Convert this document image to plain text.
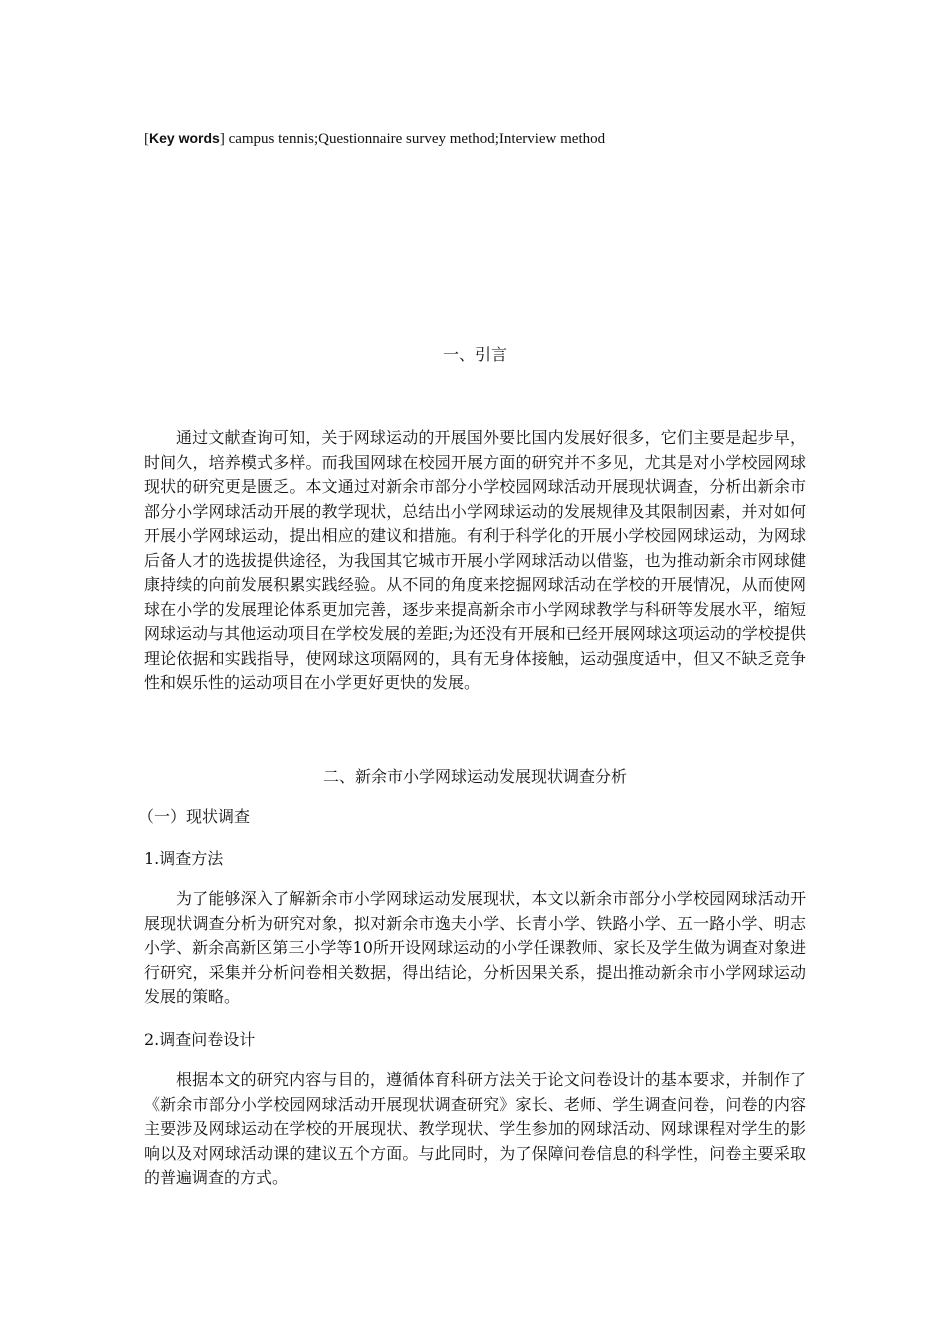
[Key words] campus tennis;Questionnaire survey method;Interview method
一、引言

通过文献查询可知，关于网球运动的开展国外要比国内发展好很多，它们主要是起步早，时间久，培养模式多样。而我国网球在校园开展方面的研究并不多见，尤其是对小学校园网球现状的研究更是匮乏。本文通过对新余市部分小学校园网球活动开展现状调查，分析出新余市部分小学网球活动开展的教学现状，总结出小学网球运动的发展规律及其限制因素，并对如何开展小学网球运动，提出相应的建议和措施。有利于科学化的开展小学校园网球运动，为网球后备人才的选拔提供途径，为我国其它城市开展小学网球活动以借鉴，也为推动新余市网球健康持续的向前发展积累实践经验。从不同的角度来挖掘网球活动在学校的开展情况，从而使网球在小学的发展理论体系更加完善，逐步来提高新余市小学网球教学与科研等发展水平，缩短网球运动与其他运动项目在学校发展的差距;为还没有开展和已经开展网球这项运动的学校提供理论依据和实践指导，使网球这项隔网的，具有无身体接触，运动强度适中，但又不缺乏竞争性和娱乐性的运动项目在小学更好更快的发展。

二、新余市小学网球运动发展现状调查分析
（一）现状调查
1.调查方法

为了能够深入了解新余市小学网球运动发展现状，本文以新余市部分小学校园网球活动开展现状调查分析为研究对象，拟对新余市逸夫小学、长青小学、铁路小学、五一路小学、明志小学、新余高新区第三小学等10所开设网球运动的小学任课教师、家长及学生做为调查对象进行研究，采集并分析问卷相关数据，得出结论，分析因果关系，提出推动新余市小学网球运动发展的策略。

2.调查问卷设计

根据本文的研究内容与目的，遵循体育科研方法关于论文问卷设计的基本要求，并制作了《新余市部分小学校园网球活动开展现状调查研究》家长、老师、学生调查问卷，问卷的内容主要涉及网球运动在学校的开展现状、教学现状、学生参加的网球活动、网球课程对学生的影响以及对网球活动课的建议五个方面。与此同时，为了保障问卷信息的科学性，问卷主要采取的普遍调查的方式。
